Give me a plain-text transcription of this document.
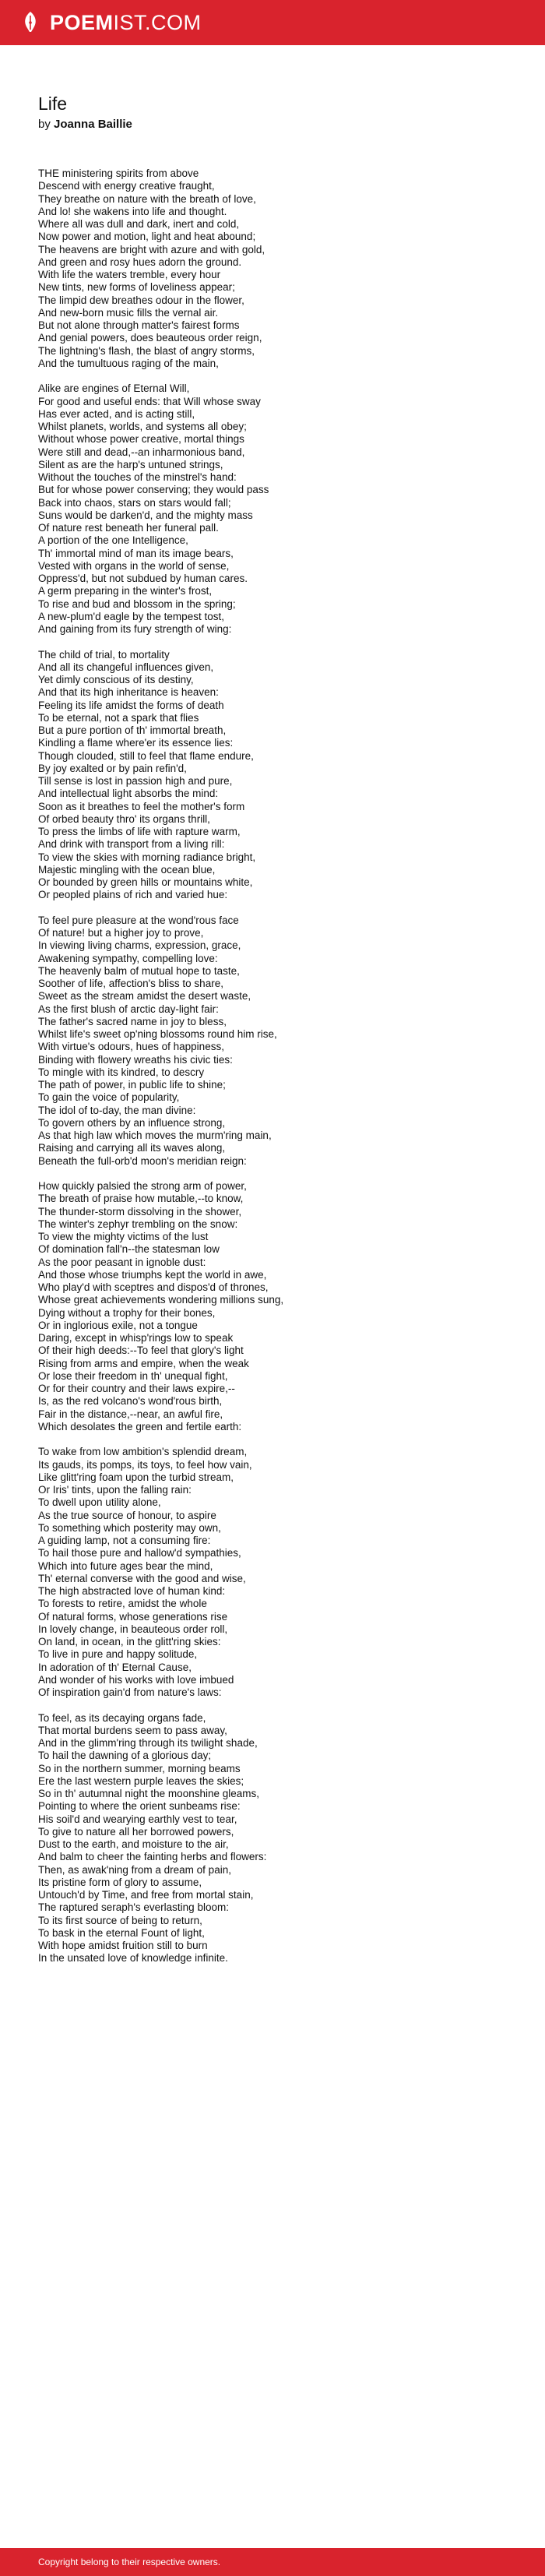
POEMIST.COM
Life
by Joanna Baillie
THE ministering spirits from above
Descend with energy creative fraught,
They breathe on nature with the breath of love,
And lo! she wakens into life and thought.
Where all was dull and dark, inert and cold,
Now power and motion, light and heat abound;
The heavens are bright with azure and with gold,
And green and rosy hues adorn the ground.
With life the waters tremble, every hour
New tints, new forms of loveliness appear;
The limpid dew breathes odour in the flower,
And new-born music fills the vernal air.
But not alone through matter's fairest forms
And genial powers, does beauteous order reign,
The lightning's flash, the blast of angry storms,
And the tumultuous raging of the main,
Alike are engines of Eternal Will,
For good and useful ends: that Will whose sway
Has ever acted, and is acting still,
Whilst planets, worlds, and systems all obey;
Without whose power creative, mortal things
Were still and dead,--an inharmonious band,
Silent as are the harp's untuned strings,
Without the touches of the minstrel's hand:
But for whose power conserving; they would pass
Back into chaos, stars on stars would fall;
Suns would be darken'd, and the mighty mass
Of nature rest beneath her funeral pall.
A portion of the one Intelligence,
Th' immortal mind of man its image bears,
Vested with organs in the world of sense,
Oppress'd, but not subdued by human cares.
A germ preparing in the winter's frost,
To rise and bud and blossom in the spring;
A new-plum'd eagle by the tempest tost,
And gaining from its fury strength of wing:
The child of trial, to mortality
And all its changeful influences given,
Yet dimly conscious of its destiny,
And that its high inheritance is heaven:
Feeling its life amidst the forms of death
To be eternal, not a spark that flies
But a pure portion of th' immortal breath,
Kindling a flame where'er its essence lies:
Though clouded, still to feel that flame endure,
By joy exalted or by pain refin'd,
Till sense is lost in passion high and pure,
And intellectual light absorbs the mind:
Soon as it breathes to feel the mother's form
Of orbed beauty thro' its organs thrill,
To press the limbs of life with rapture warm,
And drink with transport from a living rill:
To view the skies with morning radiance bright,
Majestic mingling with the ocean blue,
Or bounded by green hills or mountains white,
Or peopled plains of rich and varied hue:
To feel pure pleasure at the wond'rous face
Of nature! but a higher joy to prove,
In viewing living charms, expression, grace,
Awakening sympathy, compelling love:
The heavenly balm of mutual hope to taste,
Soother of life, affection's bliss to share,
Sweet as the stream amidst the desert waste,
As the first blush of arctic day-light fair:
The father's sacred name in joy to bless,
Whilst life's sweet op'ning blossoms round him rise,
With virtue's odours, hues of happiness,
Binding with flowery wreaths his civic ties:
To mingle with its kindred, to descry
The path of power, in public life to shine;
To gain the voice of popularity,
The idol of to-day, the man divine:
To govern others by an influence strong,
As that high law which moves the murm'ring main,
Raising and carrying all its waves along,
Beneath the full-orb'd moon's meridian reign:
How quickly palsied the strong arm of power,
The breath of praise how mutable,--to know,
The thunder-storm dissolving in the shower,
The winter's zephyr trembling on the snow:
To view the mighty victims of the lust
Of domination fall'n--the statesman low
As the poor peasant in ignoble dust:
And those whose triumphs kept the world in awe,
Who play'd with sceptres and dispos'd of thrones,
Whose great achievements wondering millions sung,
Dying without a trophy for their bones,
Or in inglorious exile, not a tongue
Daring, except in whisp'rings low to speak
Of their high deeds:--To feel that glory's light
Rising from arms and empire, when the weak
Or lose their freedom in th' unequal fight,
Or for their country and their laws expire,--
Is, as the red volcano's wond'rous birth,
Fair in the distance,--near, an awful fire,
Which desolates the green and fertile earth:
To wake from low ambition's splendid dream,
Its gauds, its pomps, its toys, to feel how vain,
Like glitt'ring foam upon the turbid stream,
Or Iris' tints, upon the falling rain:
To dwell upon utility alone,
As the true source of honour, to aspire
To something which posterity may own,
A guiding lamp, not a consuming fire:
To hail those pure and hallow'd sympathies,
Which into future ages bear the mind,
Th' eternal converse with the good and wise,
The high abstracted love of human kind:
To forests to retire, amidst the whole
Of natural forms, whose generations rise
In lovely change, in beauteous order roll,
On land, in ocean, in the glitt'ring skies:
To live in pure and happy solitude,
In adoration of th' Eternal Cause,
And wonder of his works with love imbued
Of inspiration gain'd from nature's laws:
To feel, as its decaying organs fade,
That mortal burdens seem to pass away,
And in the glimm'ring through its twilight shade,
To hail the dawning of a glorious day;
So in the northern summer, morning beams
Ere the last western purple leaves the skies;
So in th' autumnal night the moonshine gleams,
Pointing to where the orient sunbeams rise:
His soil'd and wearying earthly vest to tear,
To give to nature all her borrowed powers,
Dust to the earth, and moisture to the air,
And balm to cheer the fainting herbs and flowers:
Then, as awak'ning from a dream of pain,
Its pristine form of glory to assume,
Untouch'd by Time, and free from mortal stain,
The raptured seraph's everlasting bloom:
To its first source of being to return,
To bask in the eternal Fount of light,
With hope amidst fruition still to burn
In the unsated love of knowledge infinite.
Copyright belong to their respective owners.
